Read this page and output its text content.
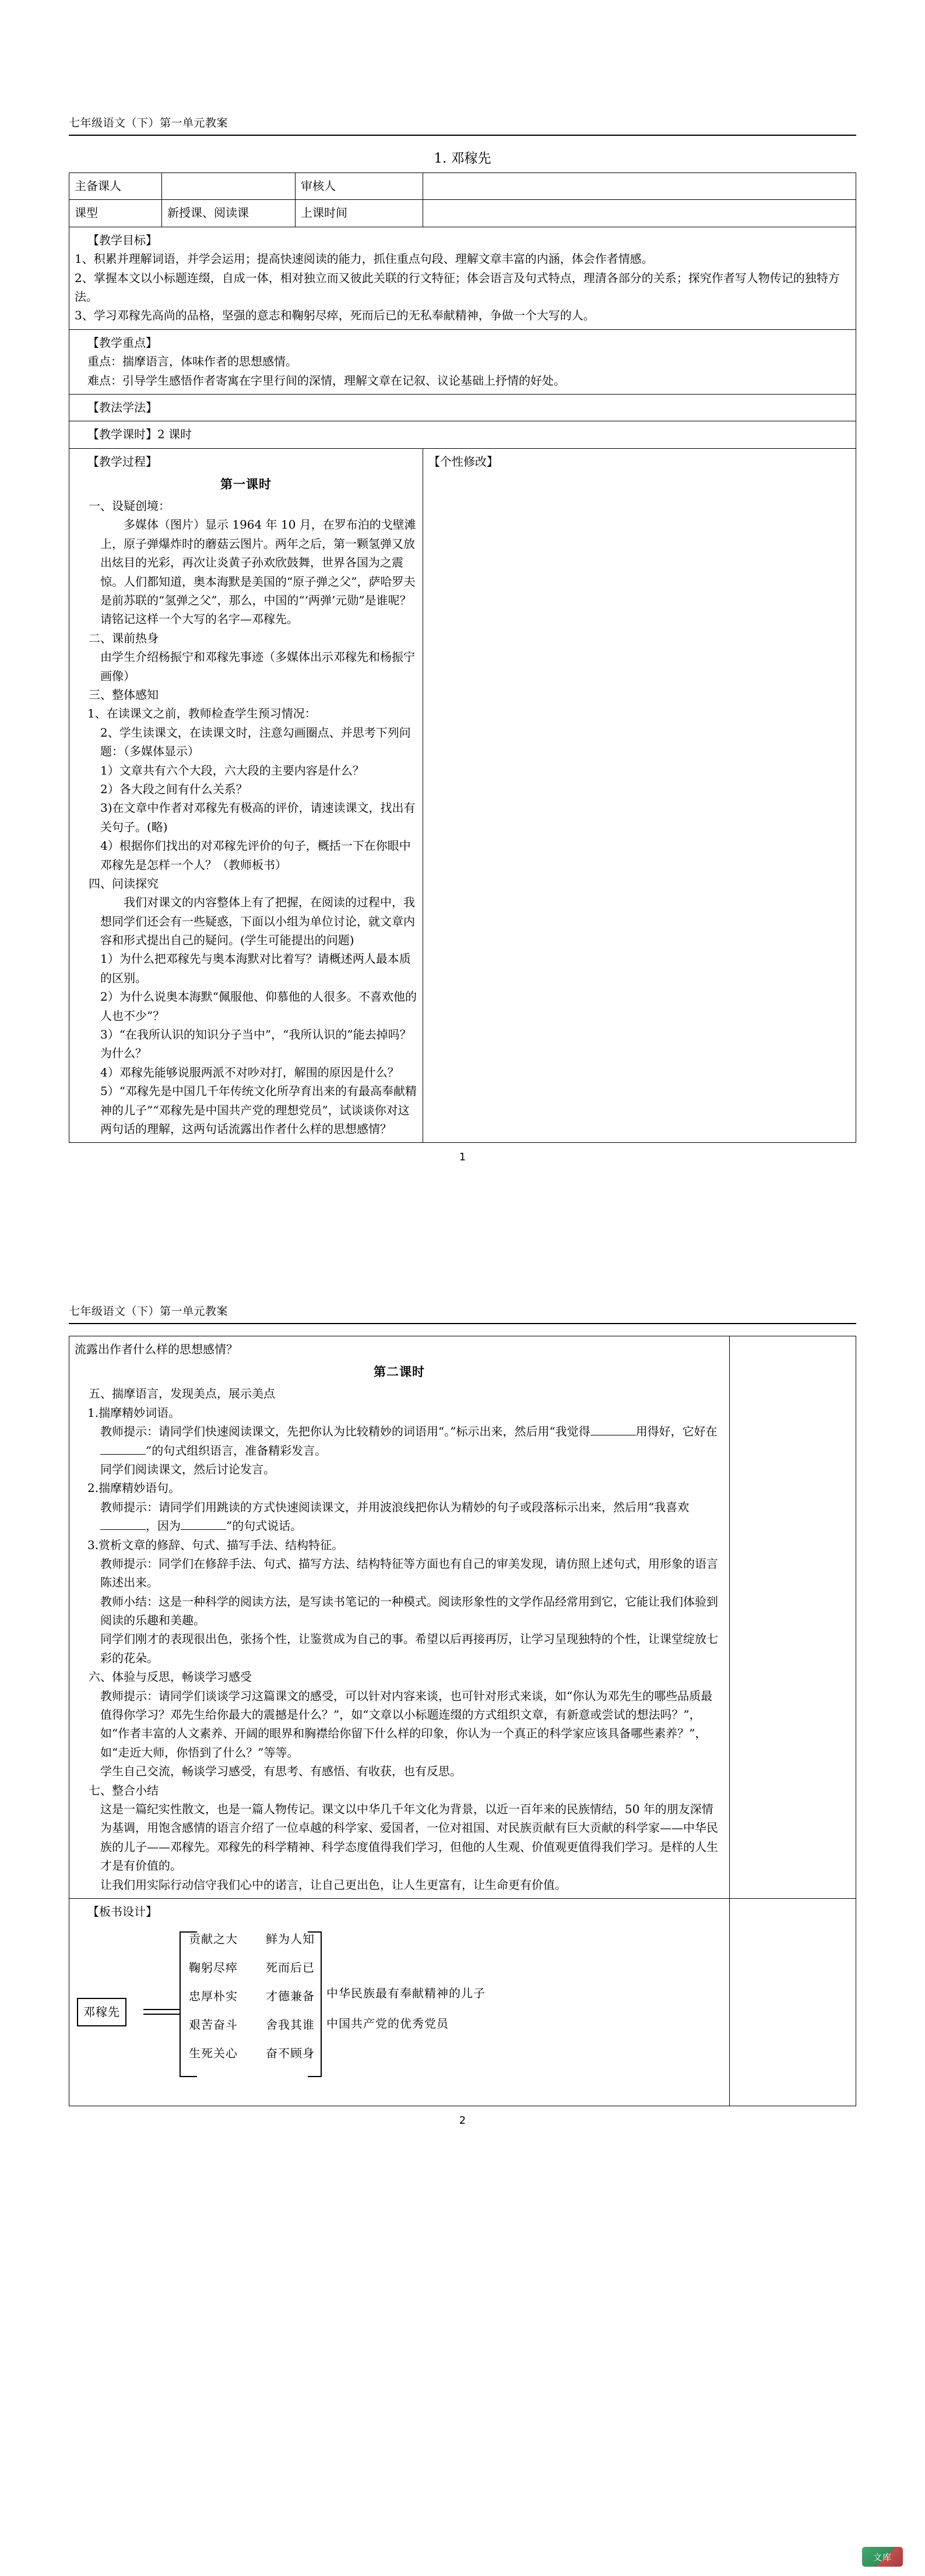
七年级语文（下）第一单元教案
1. 邓稼先
主备课人		审核人	
课型	新授课、阅读课	上课时间	

【教学目标】
1、积累并理解词语，并学会运用；提高快速阅读的能力，抓住重点句段、理解文章丰富的内涵，体会作者情感。
2、掌握本文以小标题连缀，自成一体，相对独立而又彼此关联的行文特征；体会语言及句式特点，理清各部分的关系；探究作者写人物传记的独特方法。
3、学习邓稼先高尚的品格，坚强的意志和鞠躬尽瘁，死而后已的无私奉献精神，争做一个大写的人。			

【教学重点】
重点：揣摩语言，体味作者的思想感情。
难点：引导学生感悟作者寄寓在字里行间的深情，理解文章在记叙、议论基础上抒情的好处。			

【教法学法】			

【教学课时】2 课时			

【教学过程】
第一课时
一、设疑创境：
多媒体（图片）显示 1964 年 10 月，在罗布泊的戈壁滩上，原子弹爆炸时的蘑菇云图片。两年之后，第一颗氢弹又放出炫目的光彩，再次让炎黄子孙欢欣鼓舞，世界各国为之震惊。人们都知道，奥本海默是美国的“原子弹之父”，萨哈罗夫是前苏联的“氢弹之父”，那么，中国的“‘两弹’元勋”是谁呢？请铭记这样一个大写的名字—邓稼先。
二、课前热身
由学生介绍杨振宁和邓稼先事迹（多媒体出示邓稼先和杨振宁画像）
三、整体感知
1、在读课文之前，教师检查学生预习情况：
2、学生读课文，在读课文时，注意勾画圈点、并思考下列问题：（多媒体显示）
1）文章共有六个大段，六大段的主要内容是什么？
2）各大段之间有什么关系？
3)在文章中作者对邓稼先有极高的评价，请速读课文，找出有关句子。(略)
4）根据你们找出的对邓稼先评价的句子，概括一下在你眼中邓稼先是怎样一个人？（教师板书）
四、问读探究
我们对课文的内容整体上有了把握，在阅读的过程中，我想同学们还会有一些疑惑，下面以小组为单位讨论，就文章内容和形式提出自己的疑问。(学生可能提出的问题)
1）为什么把邓稼先与奥本海默对比着写？请概述两人最本质的区别。
2）为什么说奥本海默“佩服他、仰慕他的人很多。不喜欢他的人也不少”？
3）“在我所认识的知识分子当中”，“我所认识的”能去掉吗？为什么？
4）邓稼先能够说服两派不对吵对打，解围的原因是什么？
5）“邓稼先是中国几千年传统文化所孕育出来的有最高奉献精神的儿子”“邓稼先是中国共产党的理想党员”，试谈谈你对这两句话的理解，这两句话流露出作者什么样的思想感情？

【个性修改】
1
七年级语文（下）第一单元教案
流露出作者什么样的思想感情？
第二课时
五、揣摩语言，发现美点，展示美点
1.揣摩精妙词语。
教师提示：请同学们快速阅读课文，先把你认为比较精妙的词语用“。”标示出来，然后用“我觉得	用得好，它好在”的句式组织语言，准备精彩发言。
同学们阅读课文，然后讨论发言。
2.揣摩精妙语句。
教师提示：请同学们用跳读的方式快速阅读课文，并用波浪线把你认为精妙的句子或段落标示出来，然后用“我喜欢，因为	”的句式说话。
3.赏析文章的修辞、句式、描写手法、结构特征。
教师提示：同学们在修辞手法、句式、描写方法、结构特征等方面也有自己的审美发现，请仿照上述句式，用形象的语言陈述出来。
教师小结：这是一种科学的阅读方法，是写读书笔记的一种模式。阅读形象性的文学作品经常用到它，它能让我们体验到阅读的乐趣和美趣。
同学们刚才的表现很出色，张扬个性，让鉴赏成为自己的事。希望以后再接再厉，让学习呈现独特的个性，让课堂绽放七彩的花朵。
六、体验与反思，畅谈学习感受
教师提示：请同学们谈谈学习这篇课文的感受，可以针对内容来谈，也可针对形式来谈，如“你认为邓先生的哪些品质最值得你学习？邓先生给你最大的震撼是什么？”，如“文章以小标题连缀的方式组织文章，有新意或尝试的想法吗？”，如“作者丰富的人文素养、开阔的眼界和胸襟给你留下什么样的印象，你认为一个真正的科学家应该具备哪些素养？”，如“走近大师，你悟到了什么？”等等。
学生自己交流，畅谈学习感受，有思考、有感悟、有收获，也有反思。
七、整合小结
这是一篇纪实性散文，也是一篇人物传记。课文以中华几千年文化为背景，以近一百年来的民族情结，50 年的朋友深情为基调，用饱含感情的语言介绍了一位卓越的科学家、爱国者，一位对祖国、对民族贡献有巨大贡献的科学家——中华民族的儿子——邓稼先。邓稼先的科学精神、科学态度值得我们学习，但他的人生观、价值观更值得我们学习。是样的人生才是有价值的。
让我们用实际行动信守我们心中的诺言，让自己更出色，让人生更富有，让生命更有价值。

【板书设计】
邓稼先
贡献之大	鲜为人知
鞠躬尽瘁	死而后已
忠厚朴实	才德兼备
艰苦奋斗	舍我其谁
生死关心	奋不顾身
中华民族最有奉献精神的儿子
中国共产党的优秀党员

2
文库
